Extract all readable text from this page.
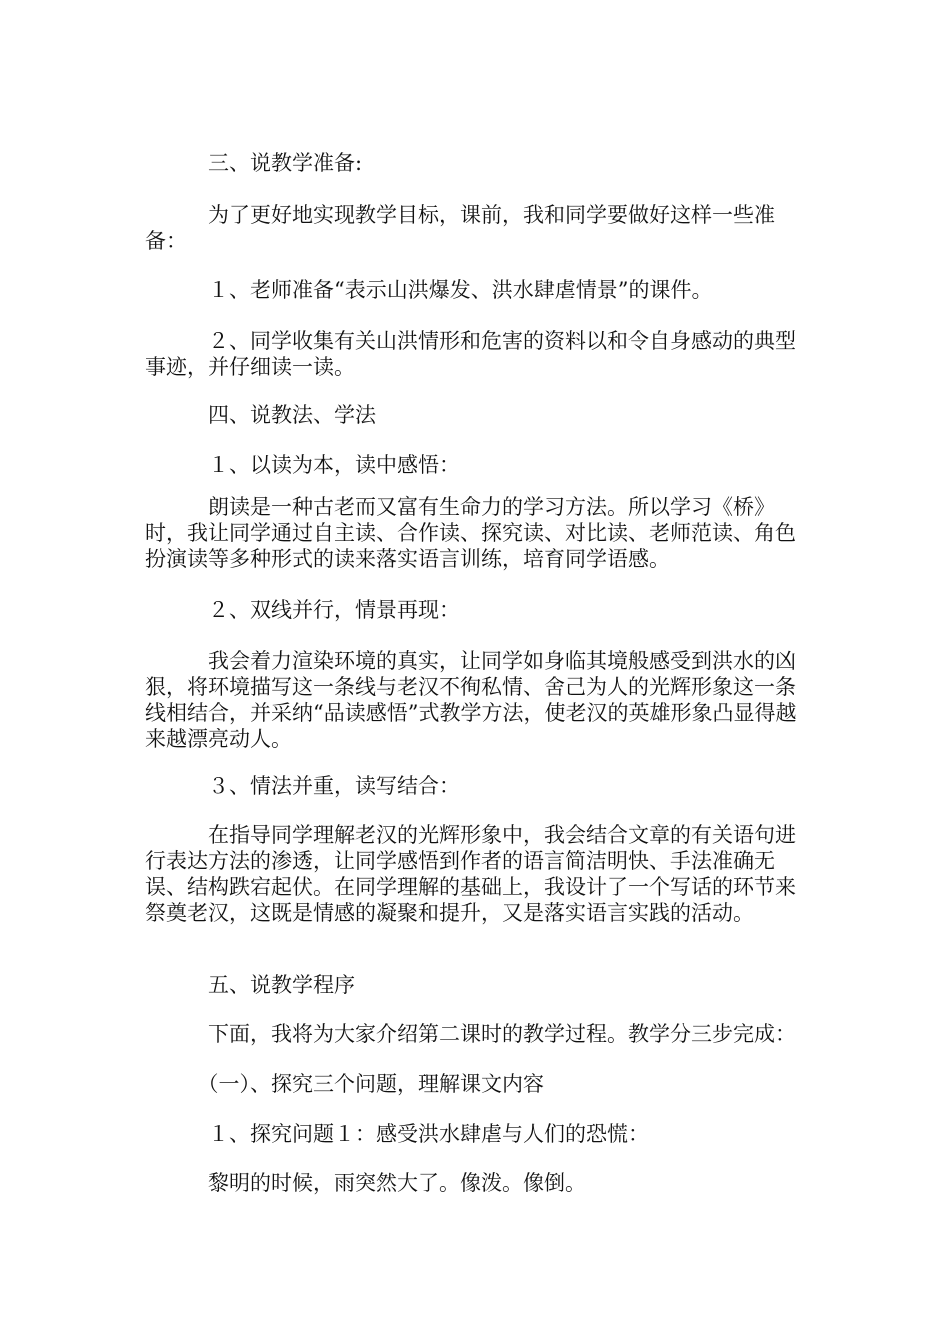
　　　三、说教学准备:

　　　为了更好地实现教学目标，课前，我和同学要做好这样一些准备：

　　　１、老师准备“表示山洪爆发、洪水肆虐情景”的课件。

　　　２、同学收集有关山洪情形和危害的资料以和令自身感动的典型事迹，并仔细读一读。

　　　四、说教法、学法

　　　１、以读为本，读中感悟：

　　　朗读是一种古老而又富有生命力的学习方法。所以学习《桥》时，我让同学通过自主读、合作读、探究读、对比读、老师范读、角色扮演读等多种形式的读来落实语言训练，培育同学语感。

　　　２、双线并行，情景再现：

　　　我会着力渲染环境的真实，让同学如身临其境般感受到洪水的凶狠，将环境描写这一条线与老汉不徇私情、舍己为人的光辉形象这一条线相结合，并采纳“品读感悟”式教学方法，使老汉的英雄形象凸显得越来越漂亮动人。

　　　３、情法并重，读写结合：

　　　在指导同学理解老汉的光辉形象中，我会结合文章的有关语句进行表达方法的渗透，让同学感悟到作者的语言简洁明快、手法准确无误、结构跌宕起伏。在同学理解的基础上，我设计了一个写话的环节来祭奠老汉，这既是情感的凝聚和提升，又是落实语言实践的活动。

　　　五、说教学程序

　　　下面，我将为大家介绍第二课时的教学过程。教学分三步完成：

　　　（一）、探究三个问题，理解课文内容

　　　１、探究问题１：感受洪水肆虐与人们的恐慌：

　　　黎明的时候，雨突然大了。像泼。像倒。
